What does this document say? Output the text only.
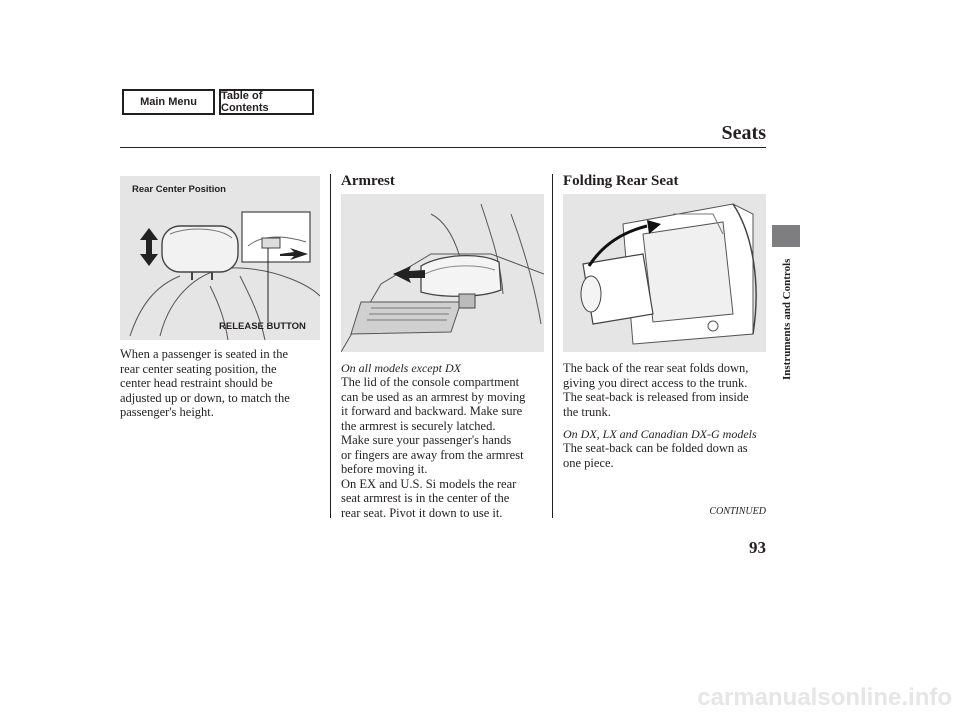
Main Menu	Table of Contents
Seats
Rear Center Position
RELEASE BUTTON
When a passenger is seated in the
rear center seating position, the
center head restraint should be
adjusted up or down, to match the
passenger's height.
Armrest
On all models except DX
The lid of the console compartment
can be used as an armrest by moving
it forward and backward. Make sure
the armrest is securely latched.
Make sure your passenger's hands
or fingers are away from the armrest
before moving it.
On EX and U.S. Si models the rear
seat armrest is in the center of the
rear seat. Pivot it down to use it.
Folding Rear Seat
The back of the rear seat folds down,
giving you direct access to the trunk.
The seat-back is released from inside
the trunk.
On DX, LX and Canadian DX-G models
The seat-back can be folded down as
one piece.
Instruments and Controls
CONTINUED
93
carmanualsonline.info
